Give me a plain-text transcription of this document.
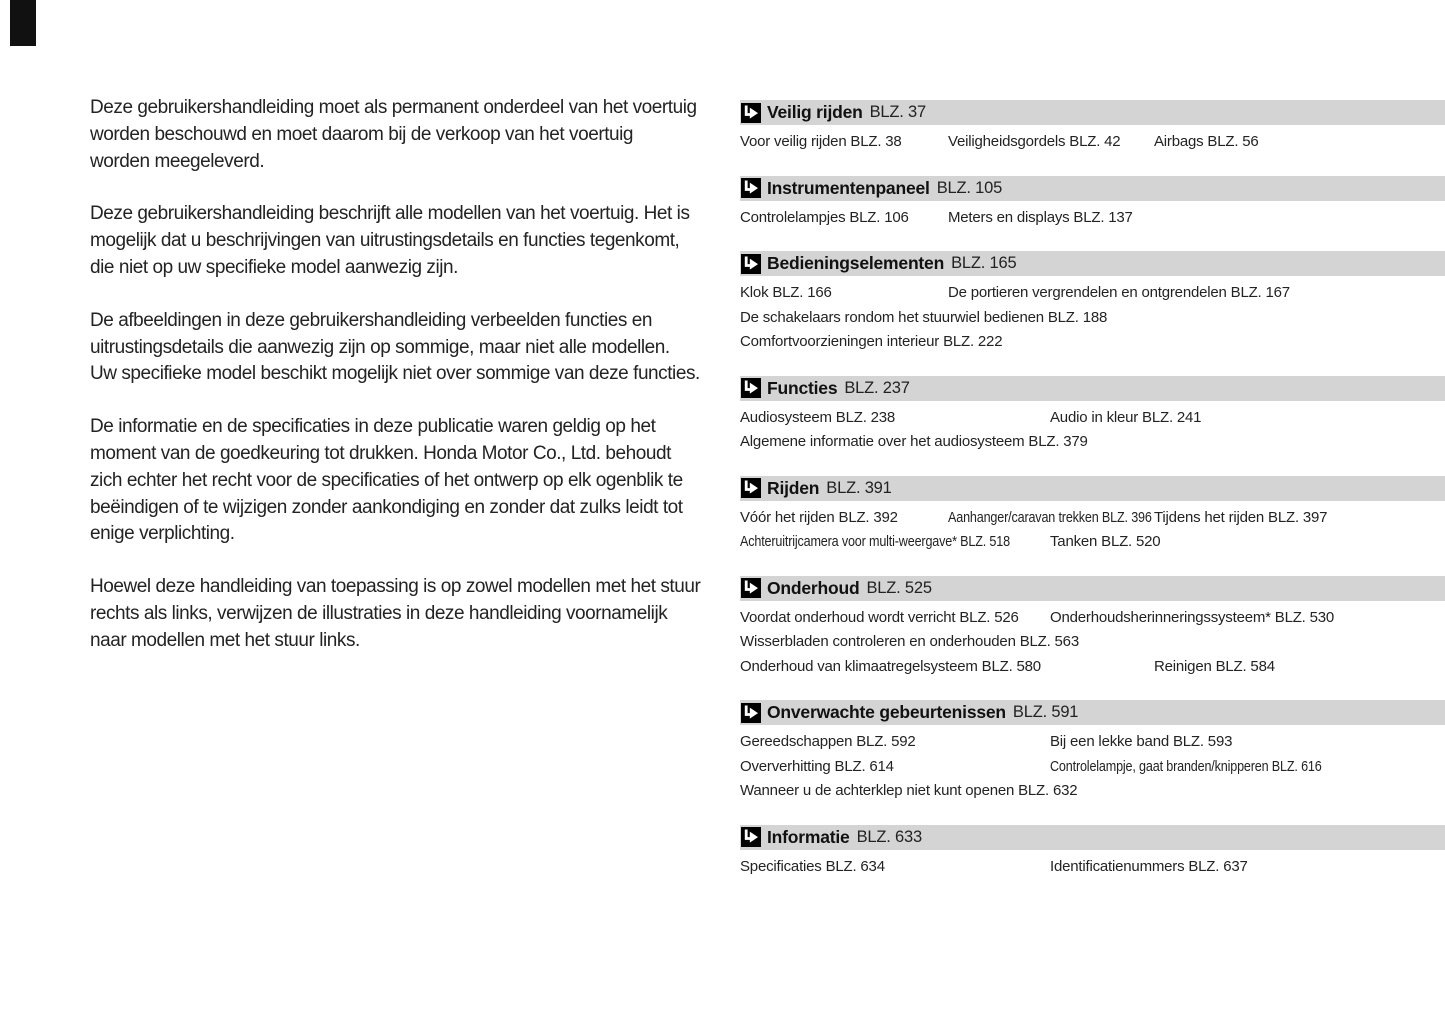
Deze gebruikershandleiding moet als permanent onderdeel van het voertuig
worden beschouwd en moet daarom bij de verkoop van het voertuig
worden meegeleverd.

Deze gebruikershandleiding beschrijft alle modellen van het voertuig. Het is
mogelijk dat u beschrijvingen van uitrustingsdetails en functies tegenkomt,
die niet op uw specifieke model aanwezig zijn.

De afbeeldingen in deze gebruikershandleiding verbeelden functies en
uitrustingsdetails die aanwezig zijn op sommige, maar niet alle modellen.
Uw specifieke model beschikt mogelijk niet over sommige van deze functies.

De informatie en de specificaties in deze publicatie waren geldig op het
moment van de goedkeuring tot drukken. Honda Motor Co., Ltd. behoudt
zich echter het recht voor de specificaties of het ontwerp op elk ogenblik te
beëindigen of te wijzigen zonder aankondiging en zonder dat zulks leidt tot
enige verplichting.

Hoewel deze handleiding van toepassing is op zowel modellen met het stuur
rechts als links, verwijzen de illustraties in deze handleiding voornamelijk
naar modellen met het stuur links.

Veilig rijden BLZ. 37
Voor veilig rijden BLZ. 38	Veiligheidsgordels BLZ. 42 Airbags BLZ. 56
Instrumentenpaneel BLZ. 105
Controlelampjes BLZ. 106	Meters en displays BLZ. 137
Bedieningselementen BLZ. 165
Klok BLZ. 166	De portieren vergrendelen en ontgrendelen BLZ. 167
De schakelaars rondom het stuurwiel bedienen BLZ. 188
Comfortvoorzieningen interieur BLZ. 222
Functies BLZ. 237
Audiosysteem BLZ. 238	Audio in kleur BLZ. 241
Algemene informatie over het audiosysteem BLZ. 379
Rijden BLZ. 391
Vóór het rijden BLZ. 392	Aanhanger/caravan trekken BLZ. 396 Tijdens het rijden BLZ. 397
Achteruitrijcamera voor multi-weergave* BLZ. 518	Tanken BLZ. 520
Onderhoud BLZ. 525
Voordat onderhoud wordt verricht BLZ. 526 Onderhoudsherinneringssysteem* BLZ. 530
Wisserbladen controleren en onderhouden BLZ. 563
Onderhoud van klimaatregelsysteem BLZ. 580	Reinigen BLZ. 584
Onverwachte gebeurtenissen BLZ. 591
Gereedschappen BLZ. 592	Bij een lekke band BLZ. 593
Oververhitting BLZ. 614	Controlelampje, gaat branden/knipperen BLZ. 616
Wanneer u de achterklep niet kunt openen BLZ. 632
Informatie BLZ. 633
Specificaties BLZ. 634	Identificatienummers BLZ. 637
